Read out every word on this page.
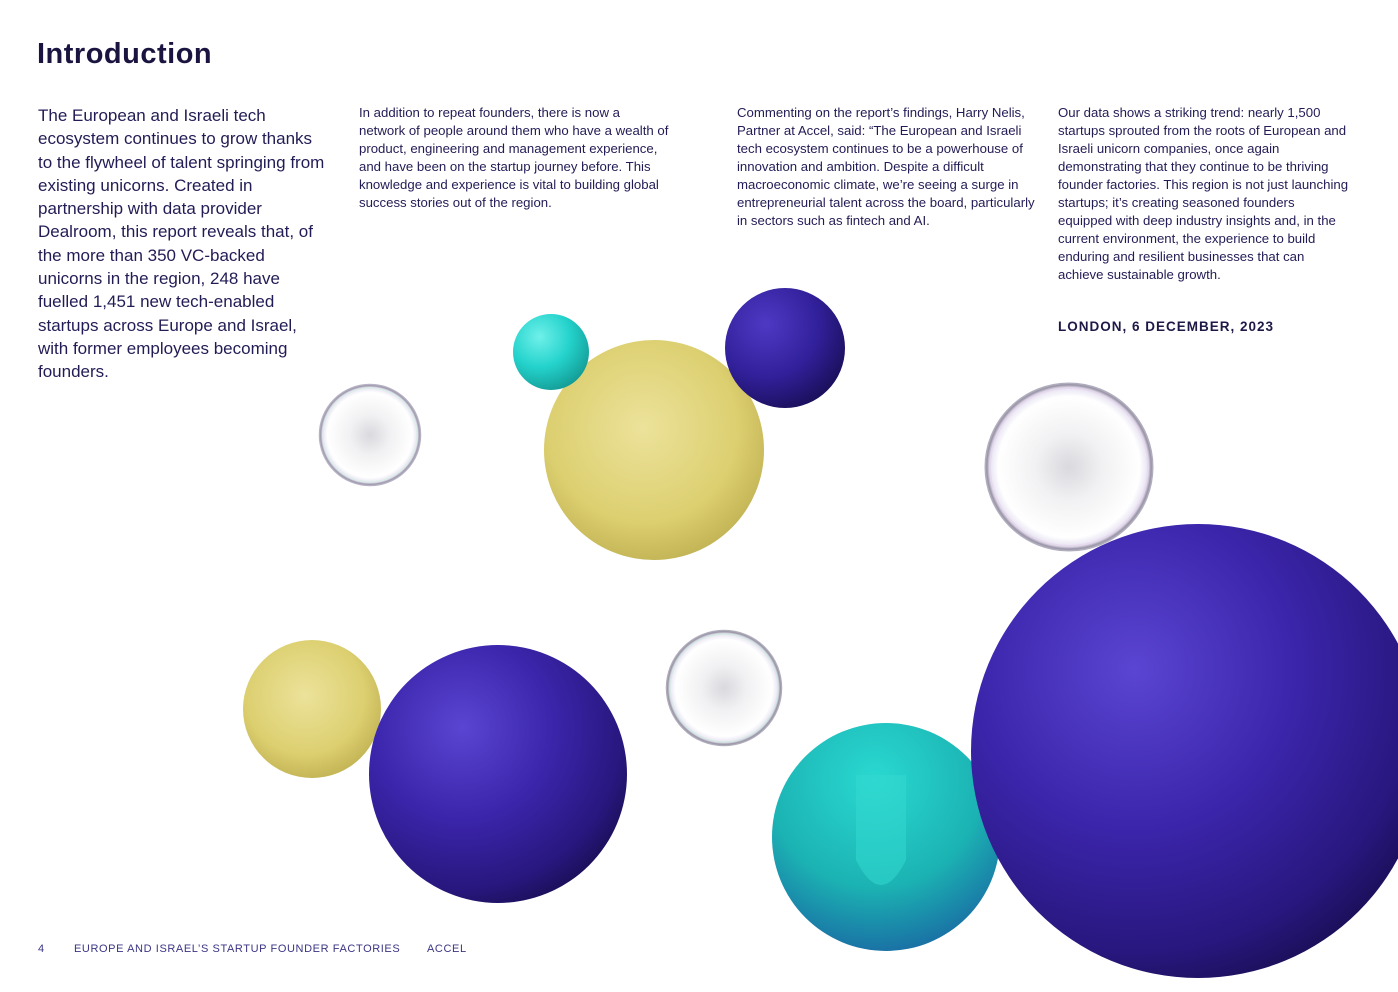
Introduction

The European and Israeli tech ecosystem continues to grow thanks to the flywheel of talent springing from existing unicorns. Created in partnership with data provider Dealroom, this report reveals that, of the more than 350 VC-backed unicorns in the region, 248 have fuelled 1,451 new tech-enabled startups across Europe and Israel, with former employees becoming founders.

In addition to repeat founders, there is now a network of people around them who have a wealth of product, engineering and management experience, and have been on the startup journey before. This knowledge and experience is vital to building global success stories out of the region.

Commenting on the report’s findings, Harry Nelis, Partner at Accel, said: “The European and Israeli tech ecosystem continues to be a powerhouse of innovation and ambition. Despite a difficult macroeconomic climate, we’re seeing a surge in entrepreneurial talent across the board, particularly in sectors such as fintech and AI.

Our data shows a striking trend: nearly 1,500 startups sprouted from the roots of European and Israeli unicorn companies, once again demonstrating that they continue to be thriving founder factories. This region is not just launching startups; it’s creating seasoned founders equipped with deep industry insights and, in the current environment, the experience to build enduring and resilient businesses that can achieve sustainable growth.

LONDON, 6 DECEMBER, 2023

4	EUROPE AND ISRAEL’S STARTUP FOUNDER FACTORIES ACCEL
